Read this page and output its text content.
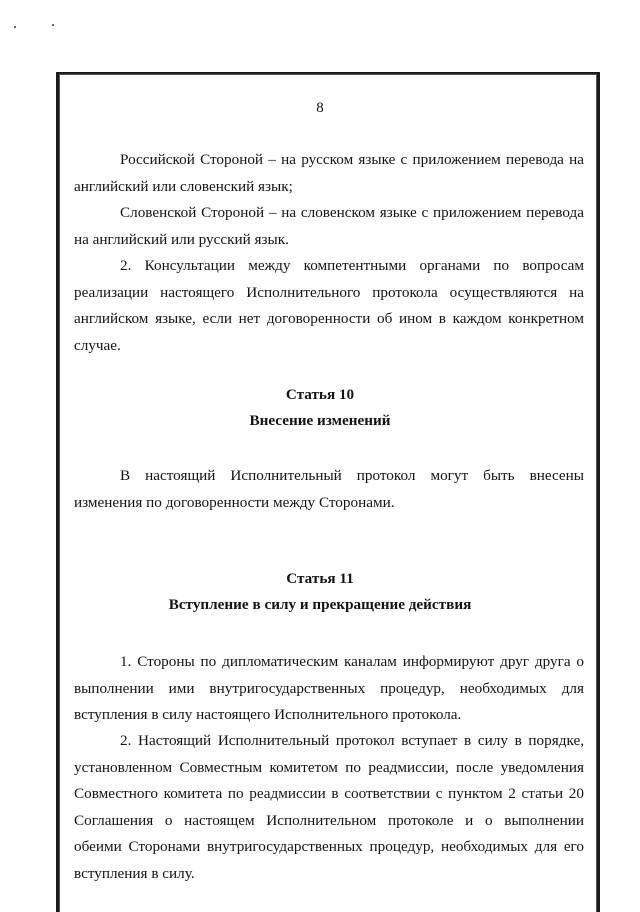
8

Российской Стороной – на русском языке с приложением перевода на
английский или словенский язык;

Словенской Стороной – на словенском языке с приложением перевода
на английский или русский язык.

2. Консультации между компетентными органами по вопросам
реализации настоящего Исполнительного протокола осуществляются на
английском языке, если нет договоренности об ином в каждом конкретном
случае.

Статья 10
Внесение изменений

В настоящий Исполнительный протокол могут быть внесены
изменения по договоренности между Сторонами.

Статья 11
Вступление в силу и прекращение действия

1. Стороны по дипломатическим каналам информируют друг друга о
выполнении ими внутригосударственных процедур, необходимых для
вступления в силу настоящего Исполнительного протокола.

2. Настоящий Исполнительный протокол вступает в силу в порядке,
установленном Совместным комитетом по реадмиссии, после уведомления
Совместного комитета по реадмиссии в соответствии с пунктом 2 статьи 20
Соглашения о настоящем Исполнительном протоколе и о выполнении
обеими Сторонами внутригосударственных процедур, необходимых для его
вступления в силу.
